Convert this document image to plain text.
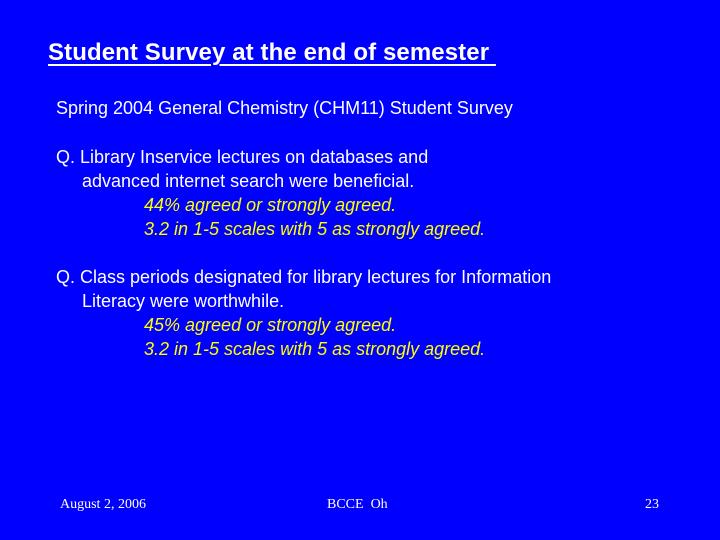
Student Survey at the end of semester
Spring 2004 General Chemistry (CHM11) Student Survey
Q. Library Inservice lectures on databases and
advanced internet search were beneficial.
44% agreed or strongly agreed.
3.2 in 1-5 scales with 5 as strongly agreed.
Q. Class periods designated for library lectures for Information
Literacy were worthwhile.
45% agreed or strongly agreed.
3.2 in 1-5 scales with 5 as strongly agreed.
August 2, 2006	BCCE  Oh	23
